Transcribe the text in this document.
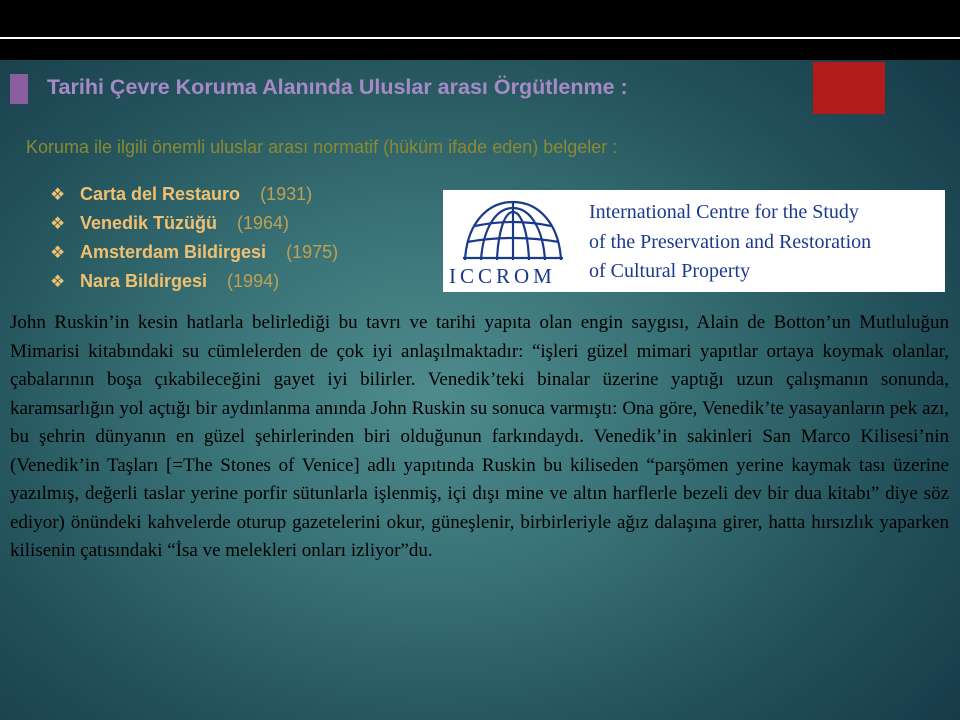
Tarihi Çevre Koruma Alanında Uluslar arası Örgütlenme :

Koruma ile ilgili önemli uluslar arası normatif (hüküm ifade eden) belgeler :

❖ Carta del Restauro (1931)
❖ Venedik Tüzüğü (1964)
❖ Amsterdam Bildirgesi (1975)
❖ Nara Bildirgesi (1994)	ICCROM
International Centre for the Study
of the Preservation and Restoration
of Cultural Property

John Ruskin’in kesin hatlarla belirlediği bu tavrı ve tarihi yapıta olan engin saygısı, Alain de Botton’un Mutluluğun Mimarisi kitabındaki su cümlelerden de çok iyi anlaşılmaktadır: “işleri güzel mimari yapıtlar ortaya koymak olanlar, çabalarının boşa çıkabileceğini gayet iyi bilirler. Venedik’teki binalar üzerine yaptığı uzun çalışmanın sonunda, karamsarlığın yol açtığı bir aydınlanma anında John Ruskin su sonuca varmıştı: Ona göre, Venedik’te yasayanların pek azı, bu şehrin dünyanın en güzel şehirlerinden biri olduğunun farkındaydı. Venedik’in sakinleri San Marco Kilisesi’nin (Venedik’in Taşları [=The Stones of Venice] adlı yapıtında Ruskin bu kiliseden “parşömen yerine kaymak tası üzerine yazılmış, değerli taslar yerine porfir sütunlarla işlenmiş, içi dışı mine ve altın harflerle bezeli dev bir dua kitabı” diye söz ediyor) önündeki kahvelerde oturup gazetelerini okur, güneşlenir, birbirleriyle ağız dalaşına girer, hatta hırsızlık yaparken kilisenin çatısındaki “İsa ve melekleri onları izliyor”du.
